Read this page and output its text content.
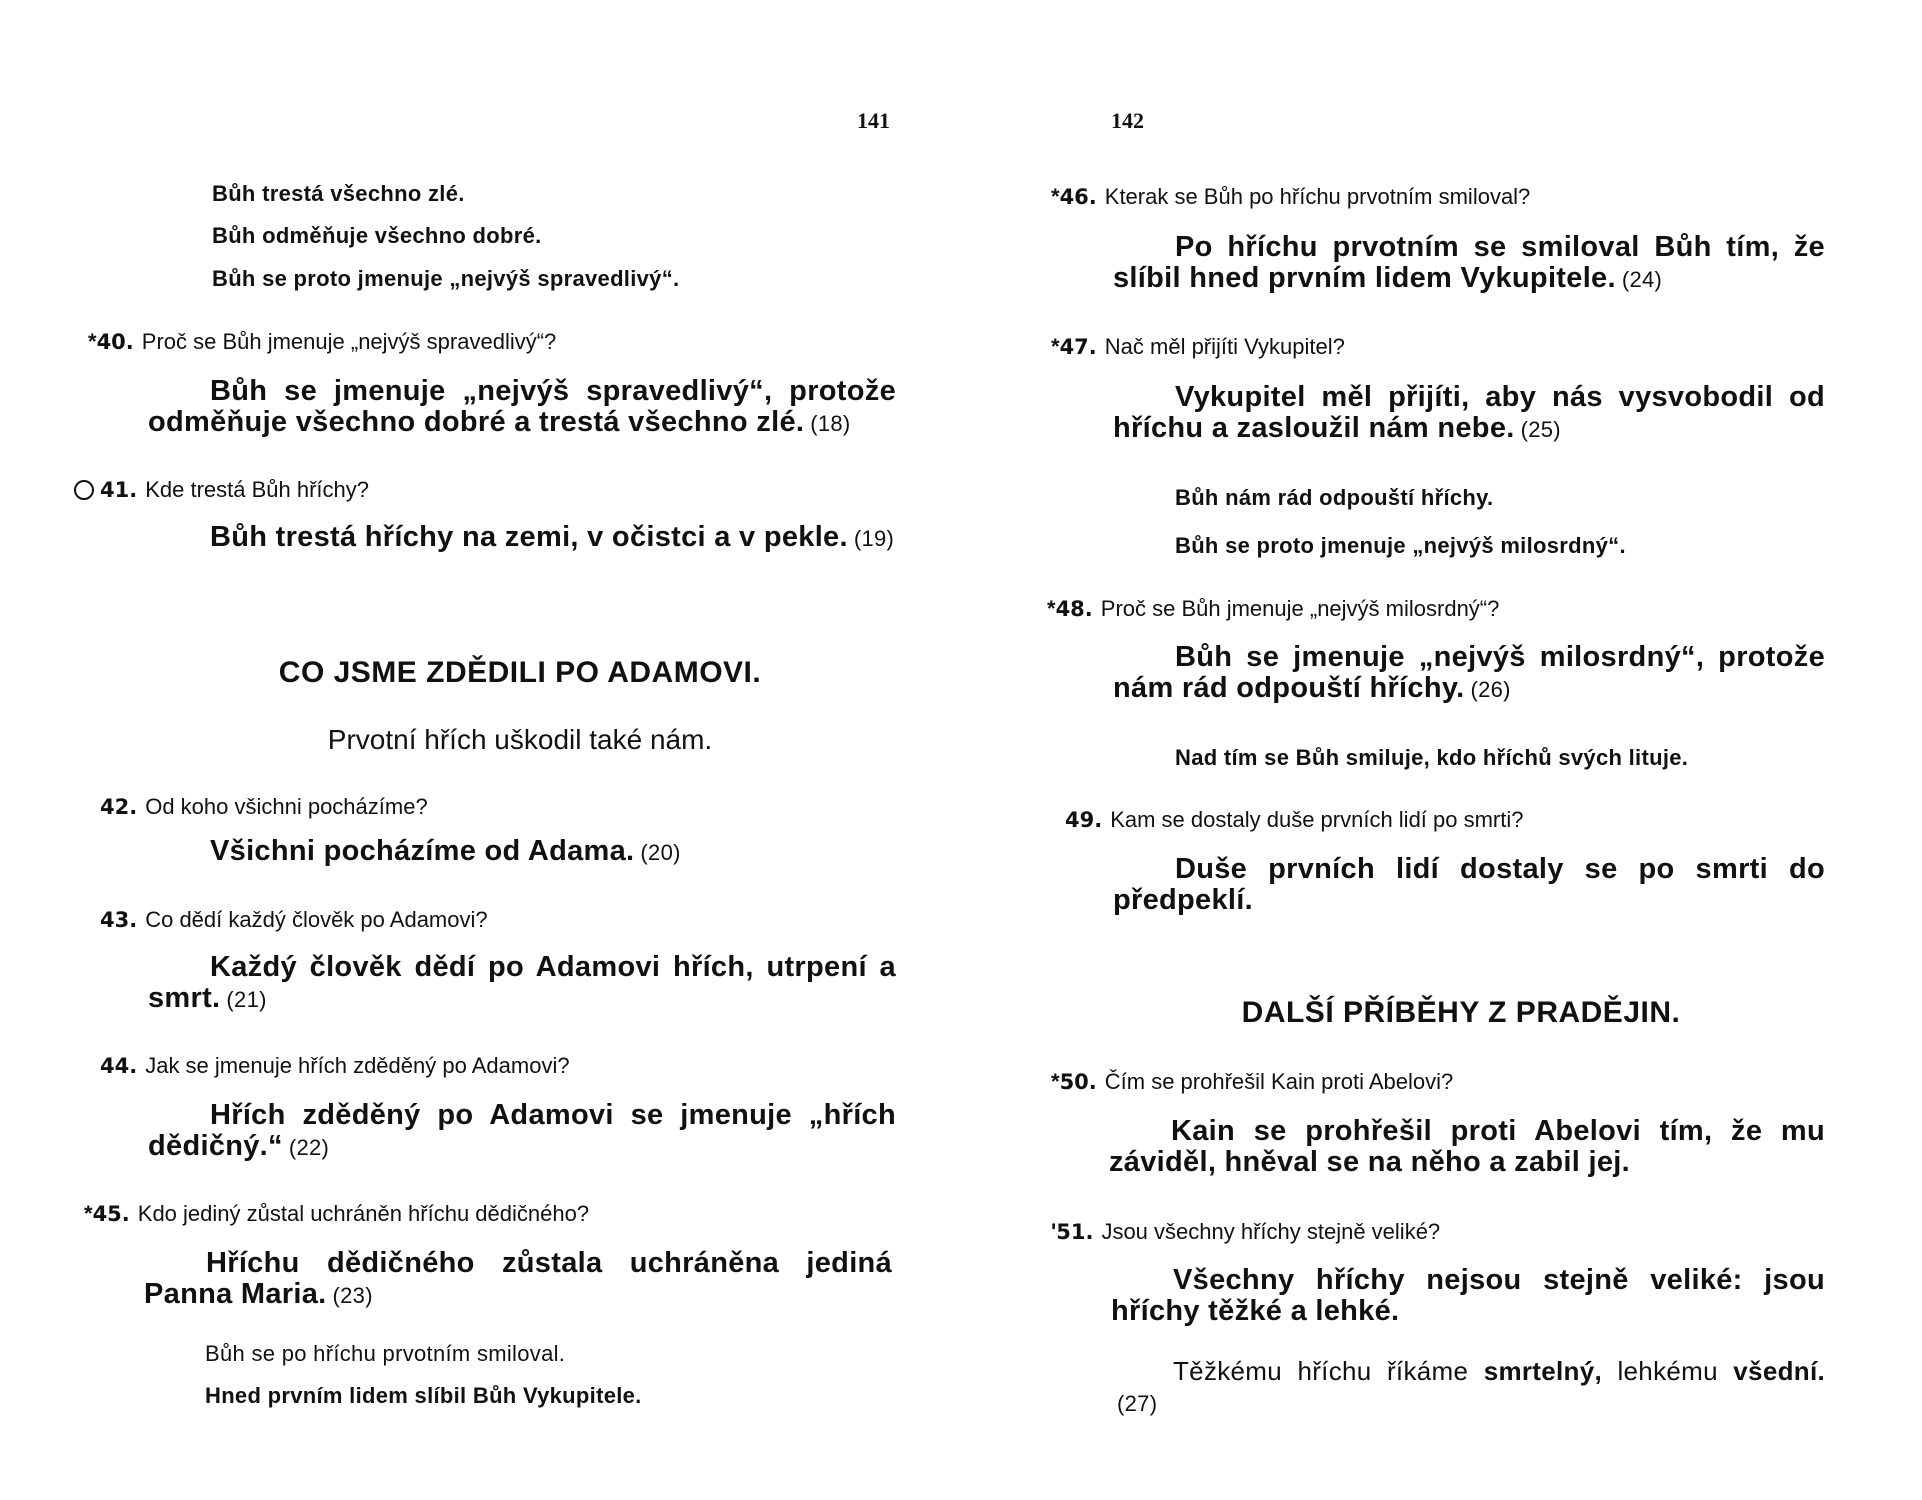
141
Bůh trestá všechno zlé.
Bůh odměňuje všechno dobré.
Bůh se proto jmenuje „nejvýš spravedlivý“.
*40. Proč se Bůh jmenuje „nejvýš spravedlivý“?
Bůh se jmenuje „nejvýš spravedlivý“, protože odměňuje všechno dobré a trestá všechno zlé. (18)
41. Kde trestá Bůh hříchy?
Bůh trestá hříchy na zemi, v očistci a v pekle. (19)
CO JSME ZDĚDILI PO ADAMOVI.
Prvotní hřích uškodil také nám.
42. Od koho všichni pocházíme?
Všichni pocházíme od Adama. (20)
43. Co dědí každý člověk po Adamovi?
Každý člověk dědí po Adamovi hřích, utrpení a smrt. (21)
44. Jak se jmenuje hřích zděděný po Adamovi?
Hřích zděděný po Adamovi se jmenuje „hřích dědičný.“ (22)
*45. Kdo jediný zůstal uchráněn hříchu dědičného?
Hříchu dědičného zůstala uchráněna jediná Panna Maria. (23)
Bůh se po hříchu prvotním smiloval.
Hned prvním lidem slíbil Bůh Vykupitele.
142
*46. Kterak se Bůh po hříchu prvotním smiloval?
Po hříchu prvotním se smiloval Bůh tím, že slíbil hned prvním lidem Vykupitele. (24)
*47. Nač měl přijíti Vykupitel?
Vykupitel měl přijíti, aby nás vysvobodil od hříchu a zasloužil nám nebe. (25)
Bůh nám rád odpouští hříchy.
Bůh se proto jmenuje „nejvýš milosrdný“.
*48. Proč se Bůh jmenuje „nejvýš milosrdný“?
Bůh se jmenuje „nejvýš milosrdný“, protože nám rád odpouští hříchy. (26)
Nad tím se Bůh smiluje, kdo hříchů svých lituje.
49. Kam se dostaly duše prvních lidí po smrti?
Duše prvních lidí dostaly se po smrti do předpeklí.
DALŠÍ PŘÍBĚHY Z PRADĚJIN.
*50. Čím se prohřešil Kain proti Abelovi?
Kain se prohřešil proti Abelovi tím, že mu záviděl, hněval se na něho a zabil jej.
'51. Jsou všechny hříchy stejně veliké?
Všechny hříchy nejsou stejně veliké: jsou hříchy těžké a lehké.
Těžkému hříchu říkáme smrtelný, lehkému všední.(27)
